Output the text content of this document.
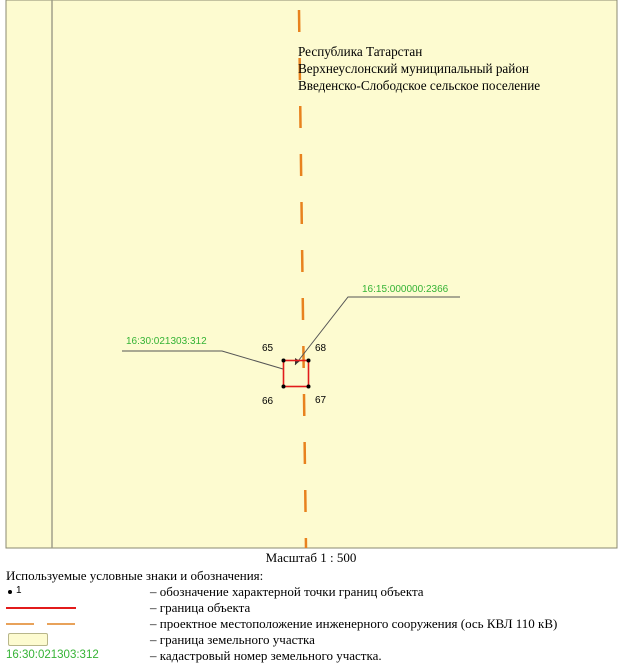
16:30:021303:312
16:15:000000:2366
65	68
66	67
Республика Татарстан
Верхнеуслонский муниципальный район
Введенско-Слободское сельское поселение
Масштаб 1 : 500
Используемые условные знаки и обозначения:
1	– обозначение характерной точки границ объекта
– граница объекта
– проектное местоположение инженерного сооружения (ось КВЛ 110 кВ)
– граница земельного участка
16:30:021303:312	– кадастровый номер земельного участка.
